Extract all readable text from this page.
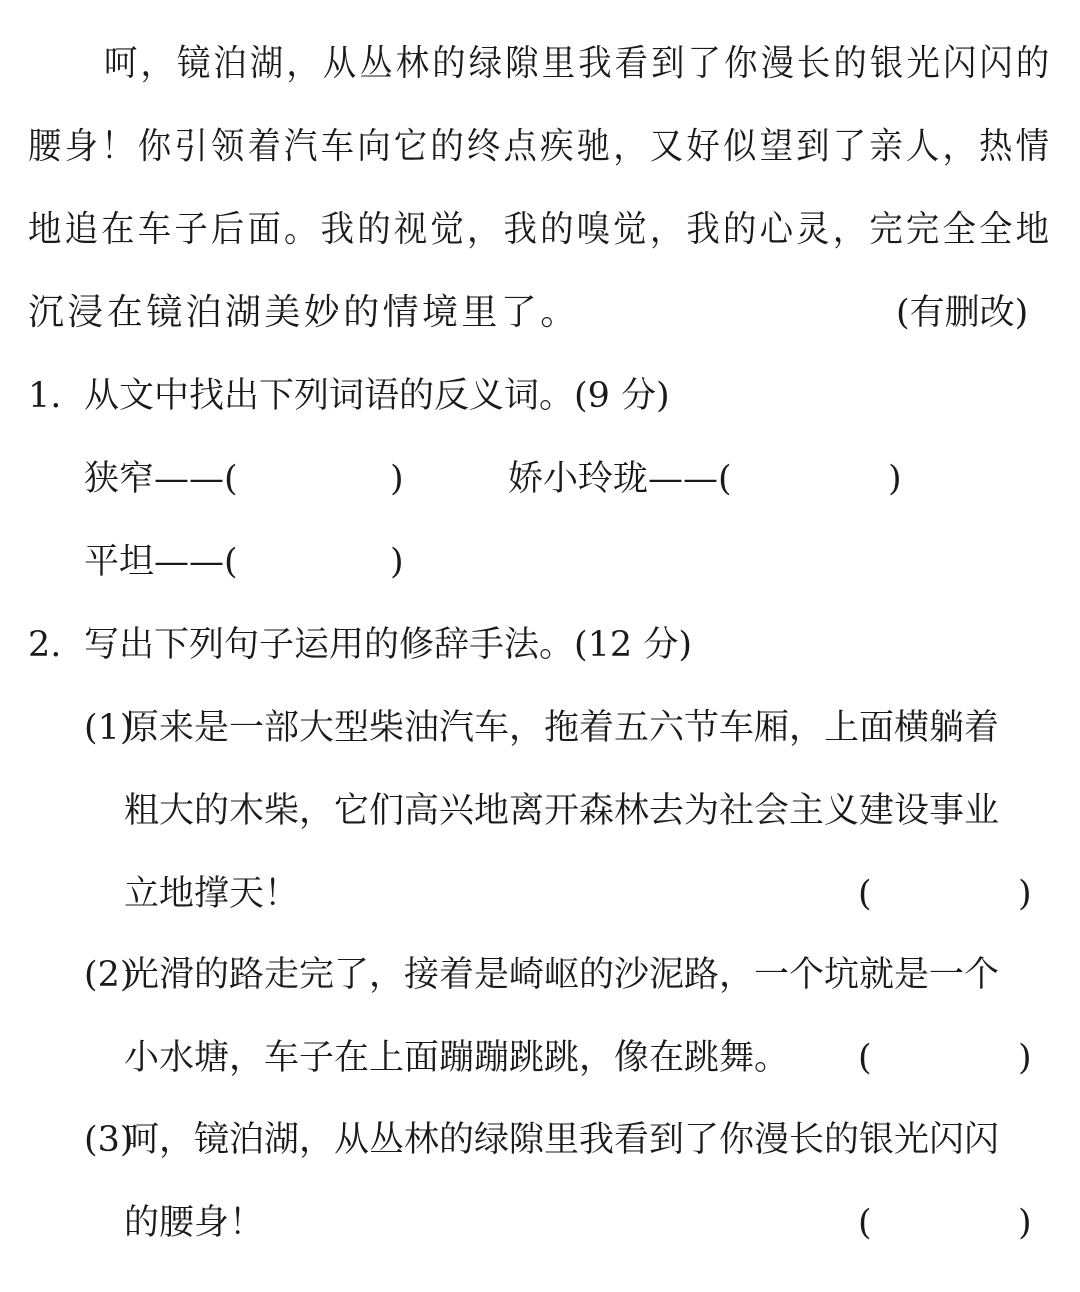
呵，镜泊湖，从丛林的绿隙里我看到了你漫长的银光闪闪的
腰身！你引领着汽车向它的终点疾驰，又好似望到了亲人，热情
地追在车子后面。我的视觉，我的嗅觉，我的心灵，完完全全地
沉浸在镜泊湖美妙的情境里了。	(有删改)
1. 从文中找出下列词语的反义词。(9 分)
狭窄——(	)	娇小玲珑——(	)
平坦——(	)
2. 写出下列句子运用的修辞手法。(12 分)
(1)
原来是一部大型柴油汽车，拖着五六节车厢，上面横躺着
粗大的木柴，它们高兴地离开森林去为社会主义建设事业
立地撑天！	(	)
(2)
光滑的路走完了，接着是崎岖的沙泥路，一个坑就是一个
小水塘，车子在上面蹦蹦跳跳，像在跳舞。 (	)
(3)
呵，镜泊湖，从丛林的绿隙里我看到了你漫长的银光闪闪
的腰身！	(	)
